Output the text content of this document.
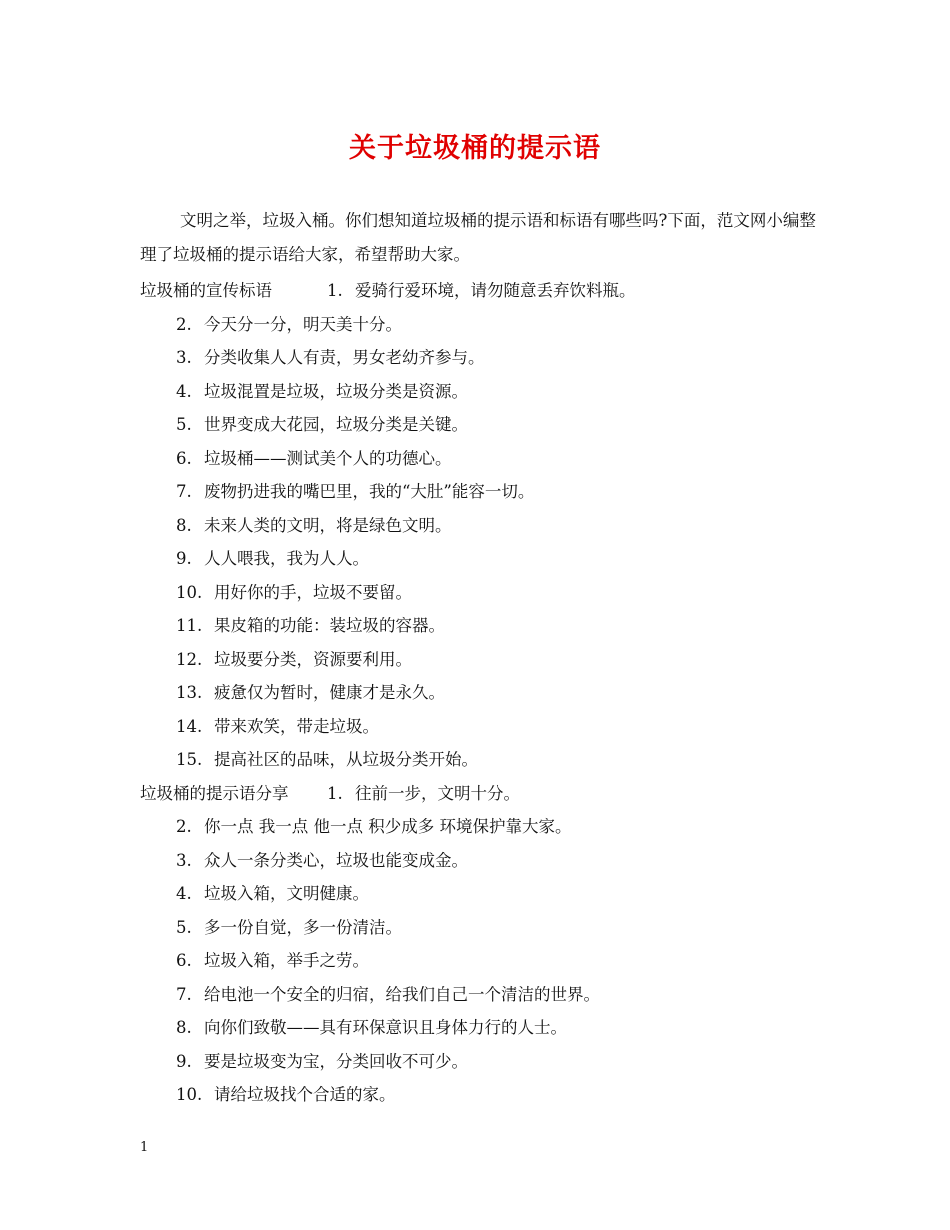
关于垃圾桶的提示语
文明之举，垃圾入桶。你们想知道垃圾桶的提示语和标语有哪些吗?下面，范文网小编整理了垃圾桶的提示语给大家，希望帮助大家。
垃圾桶的宣传标语	1. 爱骑行爱环境，请勿随意丢弃饮料瓶。
2. 今天分一分，明天美十分。
3. 分类收集人人有责，男女老幼齐参与。
4. 垃圾混置是垃圾，垃圾分类是资源。
5. 世界变成大花园，垃圾分类是关键。
6. 垃圾桶——测试美个人的功德心。
7. 废物扔进我的嘴巴里，我的“大肚”能容一切。
8. 未来人类的文明，将是绿色文明。
9. 人人喂我，我为人人。
10. 用好你的手，垃圾不要留。
11. 果皮箱的功能：装垃圾的容器。
12. 垃圾要分类，资源要利用。
13. 疲惫仅为暂时，健康才是永久。
14. 带来欢笑，带走垃圾。
15. 提高社区的品味，从垃圾分类开始。
垃圾桶的提示语分享 1. 往前一步，文明十分。
2. 你一点 我一点 他一点 积少成多 环境保护靠大家。
3. 众人一条分类心，垃圾也能变成金。
4. 垃圾入箱，文明健康。
5. 多一份自觉，多一份清洁。
6. 垃圾入箱，举手之劳。
7. 给电池一个安全的归宿，给我们自己一个清洁的世界。
8. 向你们致敬——具有环保意识且身体力行的人士。
9. 要是垃圾变为宝，分类回收不可少。
10. 请给垃圾找个合适的家。
1
